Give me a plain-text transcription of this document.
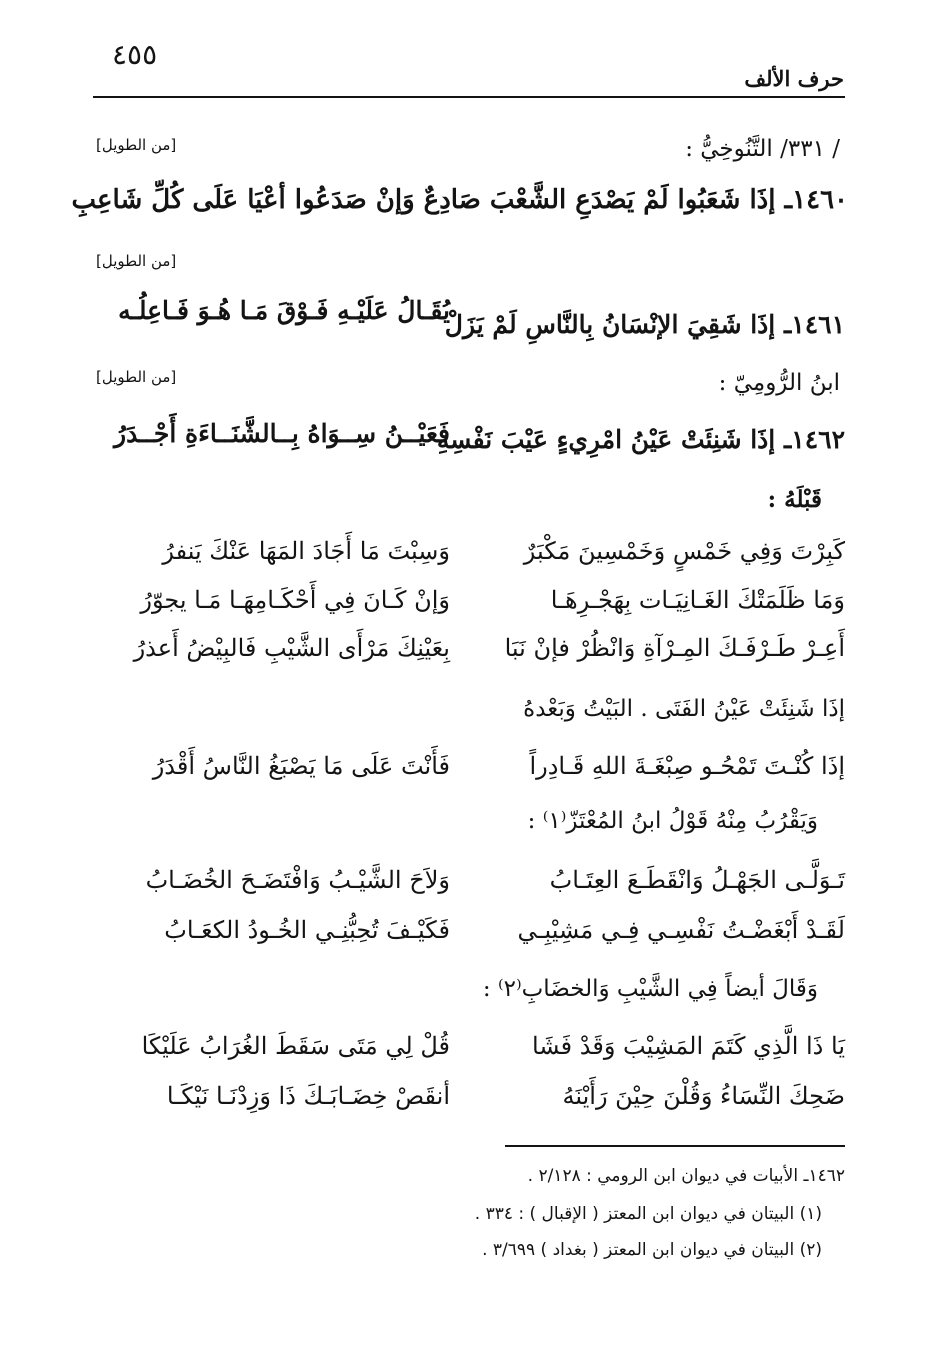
٤٥٥
حرف الألف
[من الطويل]	/ ٣٣١/ التَّنُوخِيُّ :
١٤٦٠ـ إذَا شَعَبُوا لَمْ يَصْدَعِ الشَّعْبَ صَادِعٌ وَإنْ صَدَعُوا أعْيَا عَلَى كُلِّ شَاعِبِ
[من الطويل]
١٤٦١ـ إذَا شَقِيَ الإنْسَانُ بِالنَّاسِ لَمْ يَزَلْ
يُقَـالُ عَلَيْـهِ فَـوْقَ مَـا هُـوَ فَـاعِلُـه
[من الطويل]	ابنُ الرُّومِيّ :
١٤٦٢ـ إذَا شَنِئَتْ عَيْنُ امْرِيءٍ عَيْبَ نَفْسِهِ
فَعَيْــنُ سِــوَاهُ بِــالشَّنَــاءَةِ أَجْــدَرُ
قَبْلَهُ :
كَبِرْتَ وَفِي خَمْسٍ وَخَمْسِينَ مَكْبَرٌ
وَسِبْتَ مَا أَجَادَ المَهَا عَنْكَ يَنفرُ
وَمَا ظَلَمَتْكَ الغَـانِيَـات بِهَجْـرِهَـا
وَإنْ كَـانَ فِي أَحْكَـامِهَـا مَـا يجوّرُ
أَعِـرْ طَـرْفَـكَ المِـرْآةِ وَانْظُرْ فإنْ نَبَا
بِعَيْنِكَ مَرْأَى الشَّيْبِ فَالبِيْضُ أَعذرُ
إذَا شَنِئَتْ عَيْنُ الفَتَى . البَيْتُ وَبَعْدهُ
إذَا كُنْـتَ تَمْحُـو صِبْغَـةَ اللهِ قَـادِراً
فَأَنْتَ عَلَى مَا يَصْبَغُ النَّاسُ أَقْدَرُ
وَيَقْرُبُ مِنْهُ قَوْلُ ابنُ المُعْتَزّ⁽١⁾ :
تَـوَلَّـى الجَهْـلُ وَانْقَطَـعَ العِتَـابُ
وَلاَحَ الشَّيْـبُ وَافْتَضَـحَ الخُضَـابُ
لَقَـدْ أَبْغَضْـتُ نَفْسِـي فِـي مَشِيْبِـي
فَكَيْـفَ تُحِبُّنِـي الخُـودُ الكعَـابُ
وَقَالَ أيضاً فِي الشَّيْبِ وَالخضَابِ⁽٢⁾ :
يَا ذَا الَّذِي كَتَمَ المَشِيْبَ وَقَدْ فَشَا
قُلْ لِي مَتَى سَقَطَ الغُرَابُ عَلَيْكَا
ضَحِكَ النِّسَاءُ وَقُلْنَ حِيْنَ رَأَيْنَهُ
أنقَصْ خِضَـابَـكَ ذَا وَزِدْنَـا نَيْكَـا
١٤٦٢ـ الأبيات في ديوان ابن الرومي : ٢/١٢٨ .
(١) البيتان في ديوان ابن المعتز ( الإقبال ) : ٣٣٤ .
(٢) البيتان في ديوان ابن المعتز ( بغداد ) ٣/٦٩٩ .
